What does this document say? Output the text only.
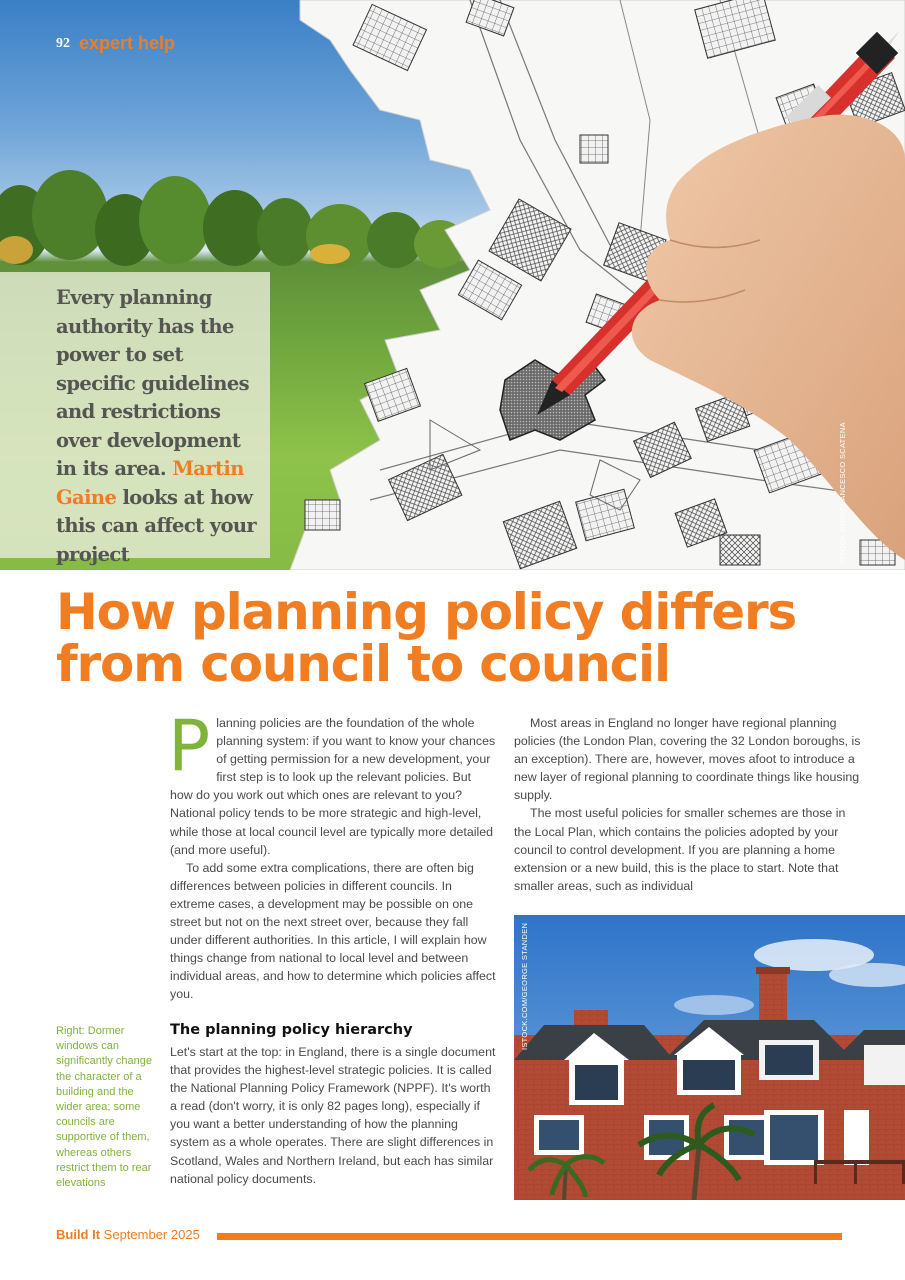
92 expert help
Every planning authority has the power to set specific guidelines and restrictions over development in its area. Martin Gaine looks at how this can affect your project	ISTOCK.COM/FRANCESCO SCATENA
How planning policy differs from council to council

Planning policies are the foundation of the whole planning system: if you want to know your chances of getting permission for a new development, your first step is to look up the relevant policies. But how do you work out which ones are relevant to you? National policy tends to be more strategic and high-level, while those at local council level are typically more detailed (and more useful).

To add some extra complications, there are often big differences between policies in different councils. In extreme cases, a development may be possible on one street but not on the next street over, because they fall under different authorities. In this article, I will explain how things change from national to local level and between individual areas, and how to determine which policies affect you.

The planning policy hierarchy

Let's start at the top: in England, there is a single document that provides the highest-level strategic policies. It is called the National Planning Policy Framework (NPPF). It's worth a read (don't worry, it is only 82 pages long), especially if you want a better understanding of how the planning system as a whole operates. There are slight differences in Scotland, Wales and Northern Ireland, but each has similar national policy documents.

Right: Dormer windows can significantly change the character of a building and the wider area; some councils are supportive of them, whereas others restrict them to rear elevations

Most areas in England no longer have regional planning policies (the London Plan, covering the 32 London boroughs, is an exception). There are, however, moves afoot to introduce a new layer of regional planning to coordinate things like housing supply.

The most useful policies for smaller schemes are those in the Local Plan, which contains the policies adopted by your council to control development. If you are planning a home extension or a new build, this is the place to start. Note that smaller areas, such as individual

ISTOCK.COM/GEORGE STANDEN
Build It September 2025
